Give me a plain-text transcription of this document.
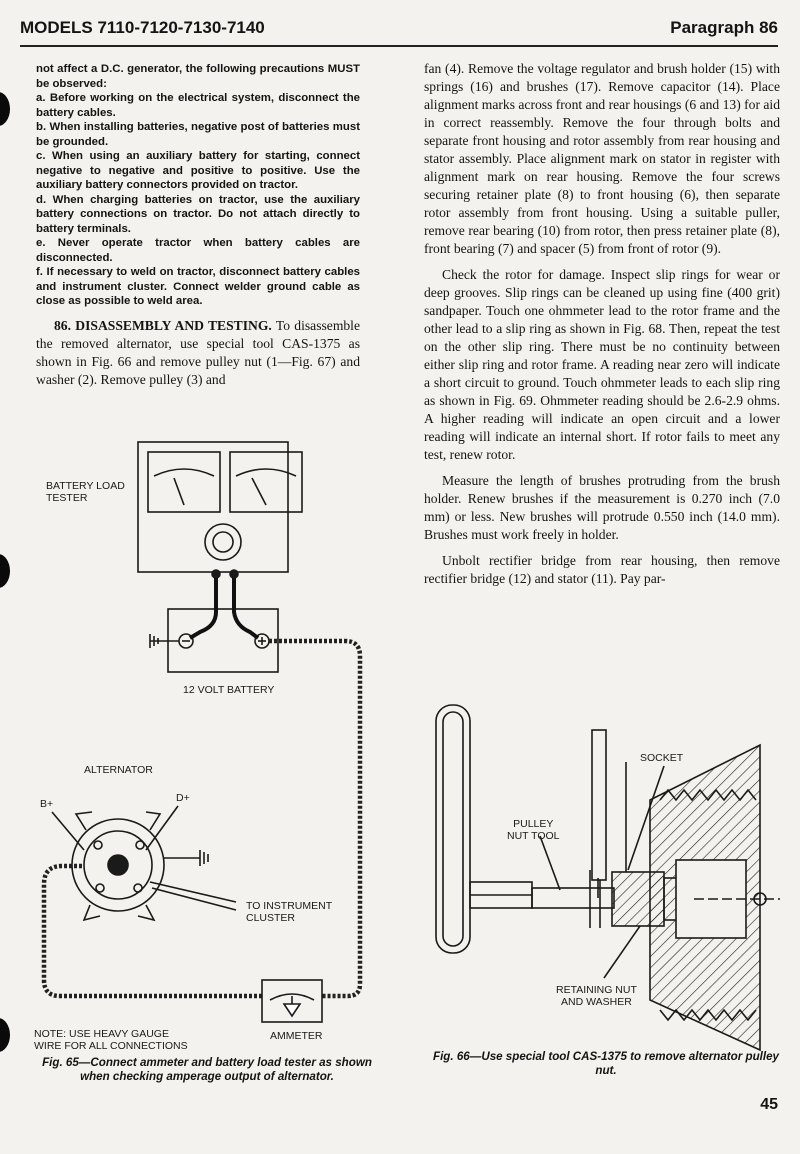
MODELS 7110-7120-7130-7140	Paragraph 86

not affect a D.C. generator, the following precautions MUST be observed:
a. Before working on the electrical system, disconnect the battery cables.
b. When installing batteries, negative post of batteries must be grounded.
c. When using an auxiliary battery for starting, connect negative to negative and positive to positive. Use the auxiliary battery connectors provided on tractor.
d. When charging batteries on tractor, use the auxiliary battery connections on tractor. Do not attach directly to battery terminals.
e. Never operate tractor when battery cables are disconnected.
f. If necessary to weld on tractor, disconnect battery cables and instrument cluster. Connect welder ground cable as close as possible to weld area.

86. DISASSEMBLY AND TESTING. To disassemble the removed alternator, use special tool CAS-1375 as shown in Fig. 66 and remove pulley nut (1—Fig. 67) and washer (2). Remove pulley (3) and

fan (4). Remove the voltage regulator and brush holder (15) with springs (16) and brushes (17). Remove capacitor (14). Place alignment marks across front and rear housings (6 and 13) for aid in correct reassembly. Remove the four through bolts and separate front housing and rotor assembly from rear housing and stator assembly. Place alignment mark on stator in register with alignment mark on rear housing. Remove the four screws securing retainer plate (8) to front housing (6), then separate rotor assembly from front housing. Using a suitable puller, remove rear bearing (10) from rotor, then press retainer plate (8), front bearing (7) and spacer (5) from front of rotor (9).

Check the rotor for damage. Inspect slip rings for wear or deep grooves. Slip rings can be cleaned up using fine (400 grit) sandpaper. Touch one ohmmeter lead to the rotor frame and the other lead to a slip ring as shown in Fig. 68. Then, repeat the test on the other slip ring. There must be no continuity between either slip ring and rotor frame. A reading near zero will indicate a short circuit to ground. Touch ohmmeter leads to each slip ring as shown in Fig. 69. Ohmmeter reading should be 2.6-2.9 ohms. A higher reading will indicate an open circuit and a lower reading will indicate an internal short. If rotor fails to meet any test, renew rotor.

Measure the length of brushes protruding from the brush holder. Renew brushes if the measurement is 0.270 inch (7.0 mm) or less. New brushes will protrude 0.550 inch (14.0 mm). Brushes must work freely in holder.

Unbolt rectifier bridge from rear housing, then remove rectifier bridge (12) and stator (11). Pay par-

BATTERY LOAD
TESTER
12 VOLT BATTERY
ALTERNATOR
B+	D+
TO INSTRUMENT
CLUSTER
AMMETER
NOTE: USE HEAVY GAUGE
WIRE FOR ALL CONNECTIONS
Fig. 65—Connect ammeter and battery load tester as shown when checking amperage output of alternator.
SOCKET
PULLEY
NUT TOOL
RETAINING NUT
AND WASHER
Fig. 66—Use special tool CAS-1375 to remove alternator pulley nut.
45
